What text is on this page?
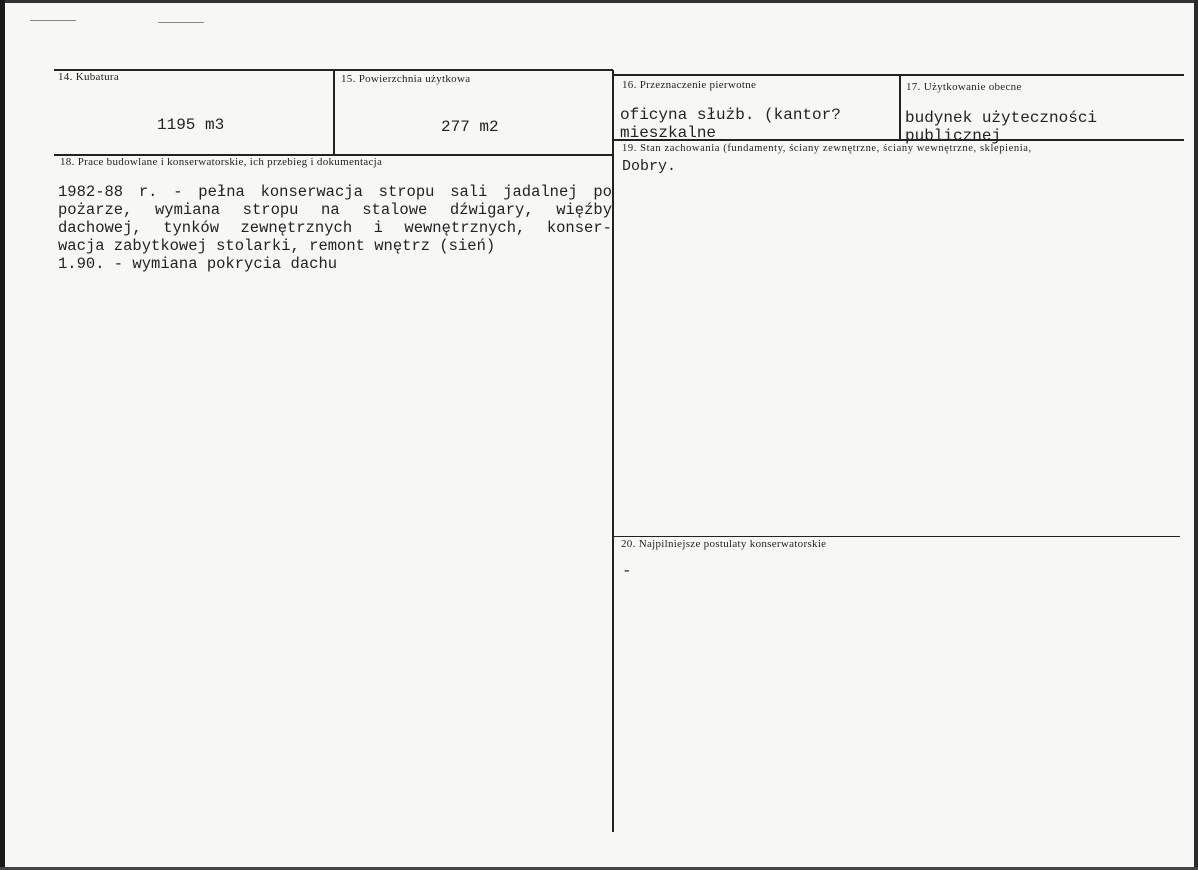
14. Kubatura
1195 m3
15. Powierzchnia użytkowa
277 m2
16. Przeznaczenie pierwotne
oficyna służb. (kantor?
mieszkalne
17. Użytkowanie obecne
budynek użyteczności
publicznej
18. Prace budowlane i konserwatorskie, ich przebieg i dokumentacja
1982-88 r. - pełna konserwacja stropu sali jadalnej po
pożarze, wymiana stropu na stalowe dźwigary, więźby
dachowej, tynków zewnętrznych i wewnętrznych, konser-
wacja zabytkowej stolarki, remont wnętrz (sień)
1.90. - wymiana pokrycia dachu
19. Stan zachowania (fundamenty, ściany zewnętrzne, ściany wewnętrzne, sklepienia,
Dobry.
20. Najpilniejsze postulaty konserwatorskie
-
